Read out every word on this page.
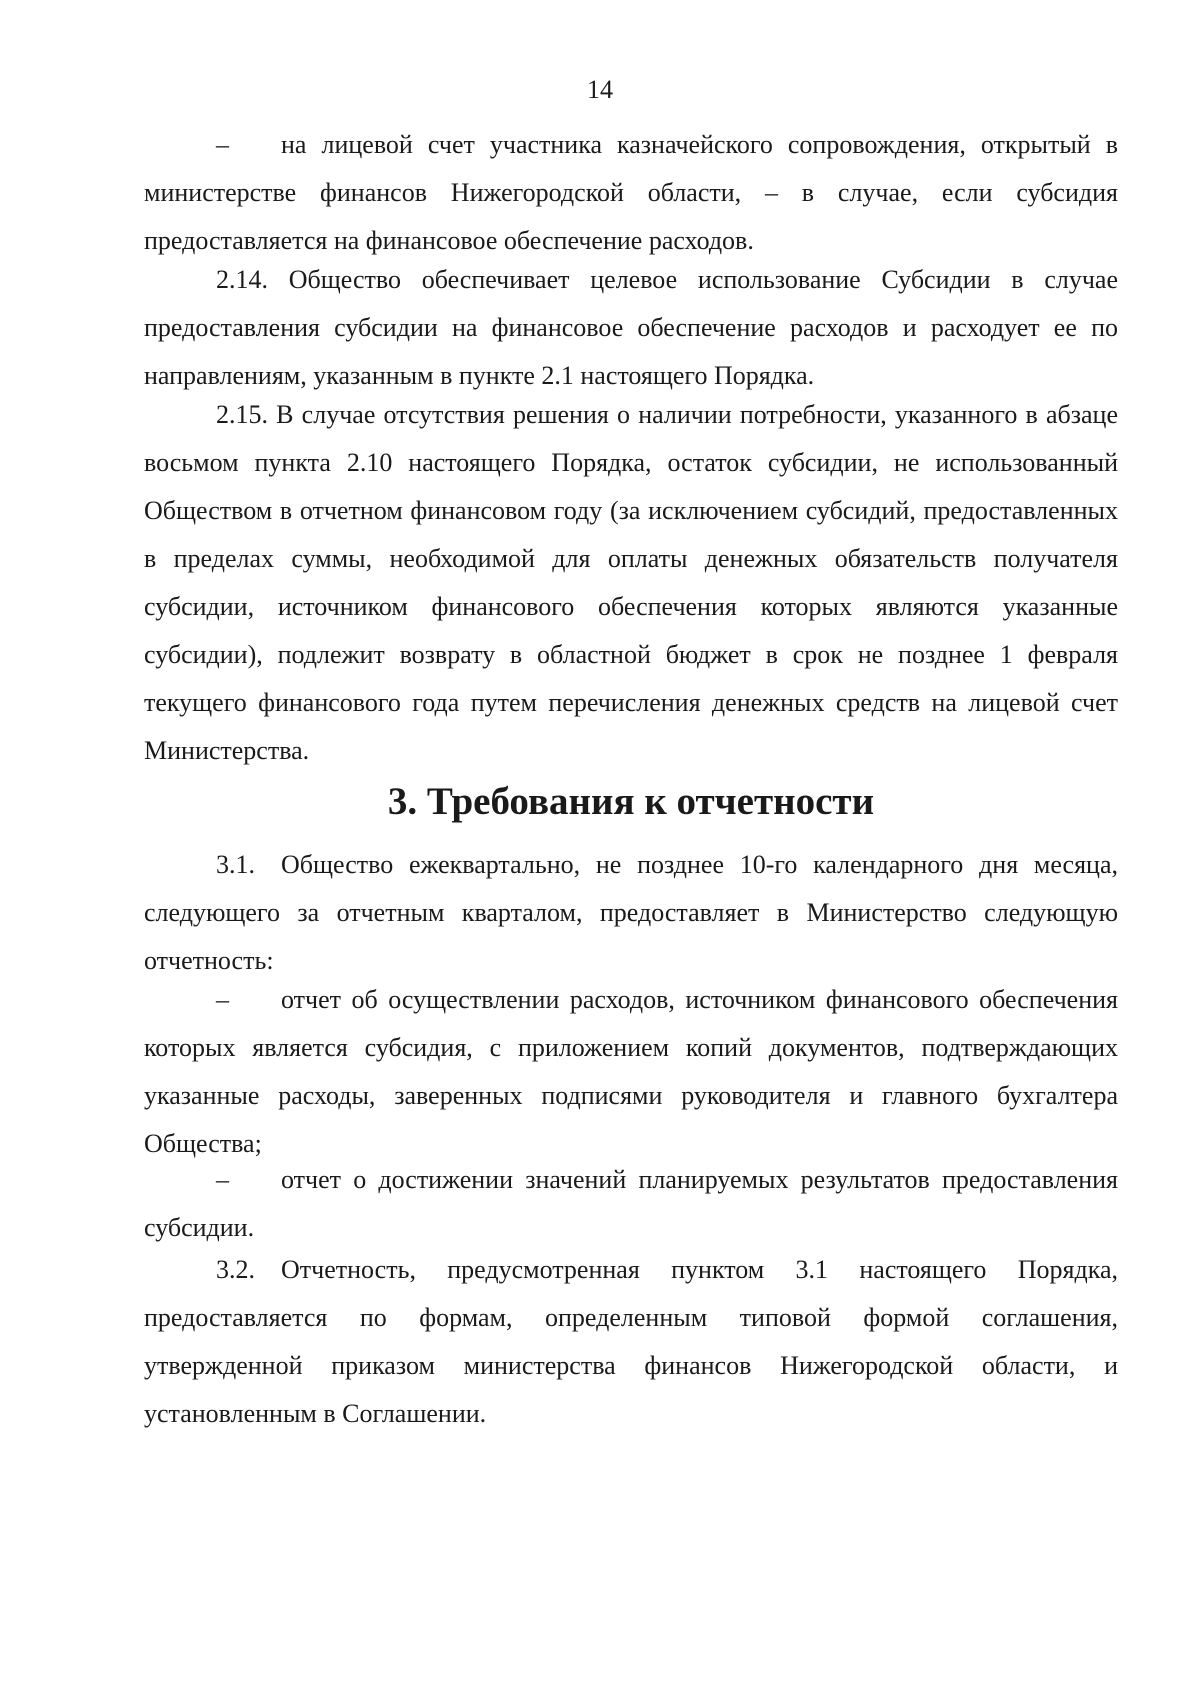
14

–  на лицевой счет участника казначейского сопровождения, открытый в министерстве финансов Нижегородской области, – в случае, если субсидия предоставляется на финансовое обеспечение расходов.

2.14. Общество обеспечивает целевое использование Субсидии в случае предоставления субсидии на финансовое обеспечение расходов и расходует ее по направлениям, указанным в пункте 2.1 настоящего Порядка.

2.15. В случае отсутствия решения о наличии потребности, указанного в абзаце восьмом пункта 2.10 настоящего Порядка, остаток субсидии, не использованный Обществом в отчетном финансовом году (за исключением субсидий, предоставленных в пределах суммы, необходимой для оплаты денежных обязательств получателя субсидии, источником финансового обеспечения которых являются указанные субсидии), подлежит возврату в областной бюджет в срок не позднее 1 февраля текущего финансового года путем перечисления денежных средств на лицевой счет Министерства.

3. Требования к отчетности

3.1. Общество ежеквартально, не позднее 10-го календарного дня месяца, следующего за отчетным кварталом, предоставляет в Министерство следующую отчетность:

–  отчет об осуществлении расходов, источником финансового обеспечения которых является субсидия, с приложением копий документов, подтверждающих указанные расходы, заверенных подписями руководителя и главного бухгалтера Общества;

–  отчет о достижении значений планируемых результатов предоставления субсидии.

3.2. Отчетность, предусмотренная пунктом 3.1 настоящего Порядка, предоставляется по формам, определенным типовой формой соглашения, утвержденной приказом министерства финансов Нижегородской области, и установленным в Соглашении.
